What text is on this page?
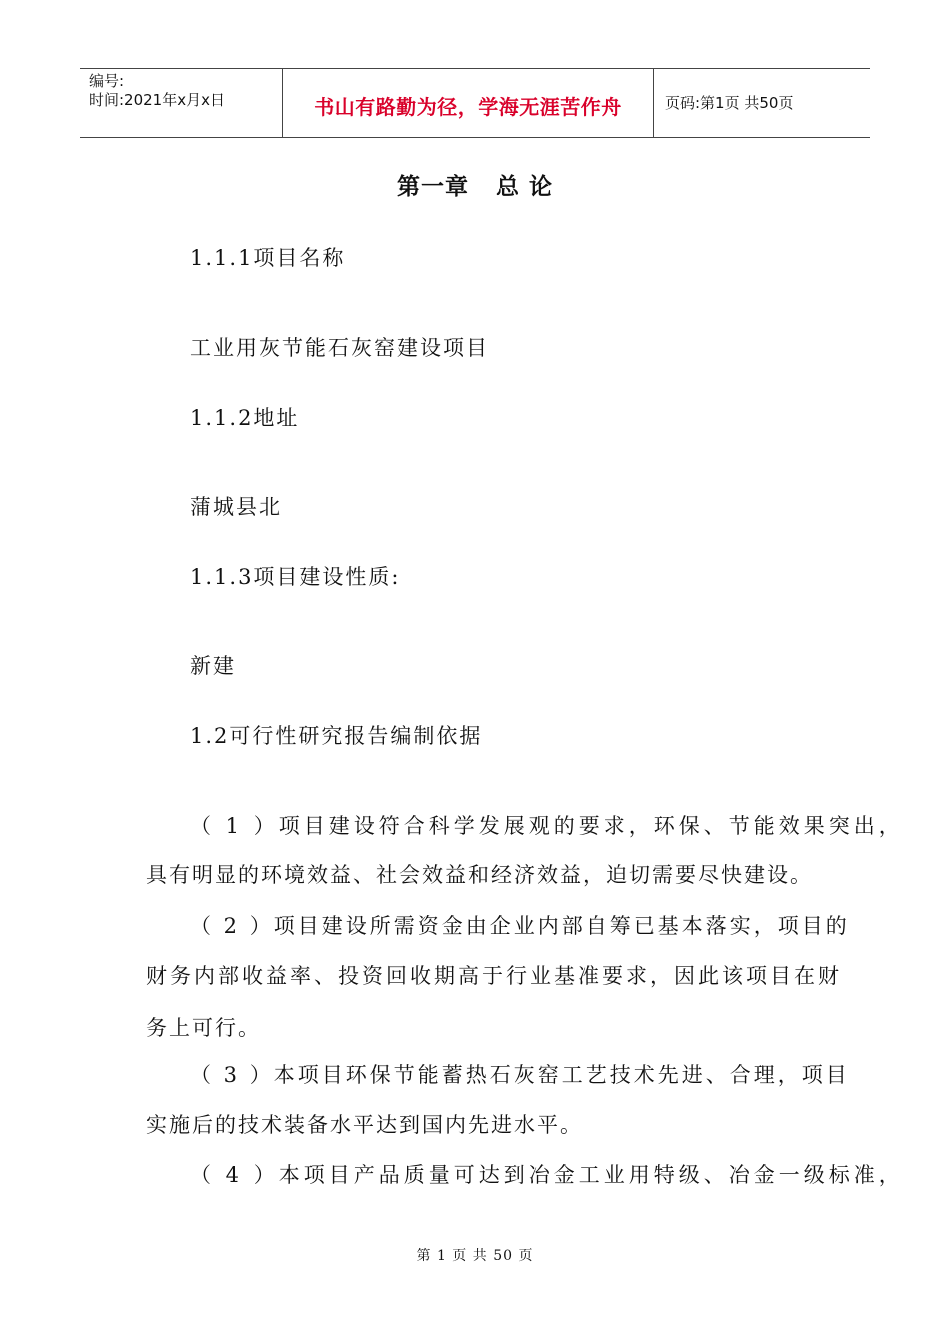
编号:
时间:2021年x月x日	书山有路勤为径，学海无涯苦作舟	页码:第1页 共50页
第一章   总 论
1.1.1项目名称
工业用灰节能石灰窑建设项目
1.1.2地址
蒲城县北
1.1.3项目建设性质:
新建
1.2可行性研究报告编制依据
（ 1 ）项目建设符合科学发展观的要求，环保、节能效果突出，
具有明显的环境效益、社会效益和经济效益，迫切需要尽快建设。
（ 2 ）项目建设所需资金由企业内部自筹已基本落实，项目的
财务内部收益率、投资回收期高于行业基准要求，因此该项目在财
务上可行。
（ 3 ）本项目环保节能蓄热石灰窑工艺技术先进、合理，项目
实施后的技术装备水平达到国内先进水平。
（ 4 ）本项目产品质量可达到冶金工业用特级、冶金一级标准，
第 1 页 共 50 页
